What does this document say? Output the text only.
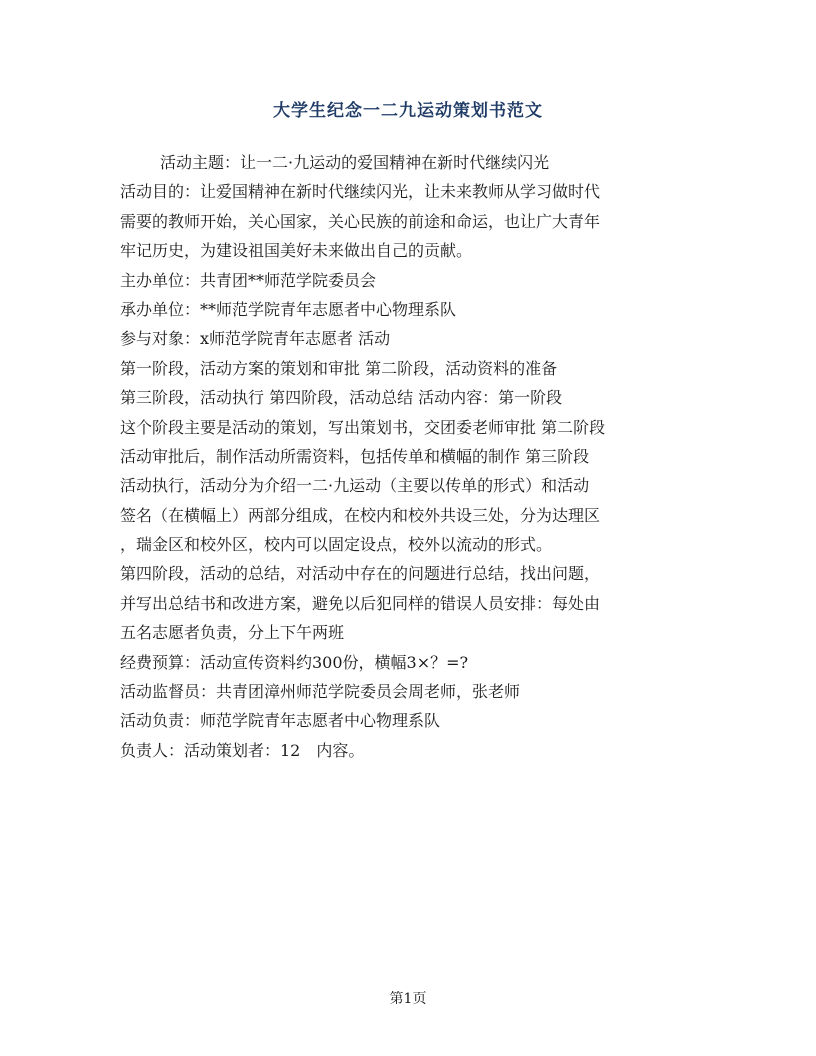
大学生纪念一二九运动策划书范文
活动主题：让一二·九运动的爱国精神在新时代继续闪光
活动目的：让爱国精神在新时代继续闪光，让未来教师从学习做时代
需要的教师开始，关心国家，关心民族的前途和命运，也让广大青年
牢记历史，为建设祖国美好未来做出自己的贡献。
主办单位：共青团**师范学院委员会
承办单位：**师范学院青年志愿者中心物理系队
参与对象：x师范学院青年志愿者 活动
第一阶段，活动方案的策划和审批 第二阶段，活动资料的准备
第三阶段，活动执行 第四阶段，活动总结 活动内容：第一阶段
这个阶段主要是活动的策划，写出策划书，交团委老师审批 第二阶段
活动审批后，制作活动所需资料，包括传单和横幅的制作 第三阶段
活动执行，活动分为介绍一二·九运动（主要以传单的形式）和活动
签名（在横幅上）两部分组成，在校内和校外共设三处，分为达理区
，瑞金区和校外区，校内可以固定设点，校外以流动的形式。
第四阶段，活动的总结，对活动中存在的问题进行总结，找出问题，
并写出总结书和改进方案，避免以后犯同样的错误人员安排：每处由
五名志愿者负责，分上下午两班
经费预算：活动宣传资料约300份，横幅3×？=?
活动监督员：共青团漳州师范学院委员会周老师，张老师
活动负责：师范学院青年志愿者中心物理系队
负责人：活动策划者：12　内容。
第1页
